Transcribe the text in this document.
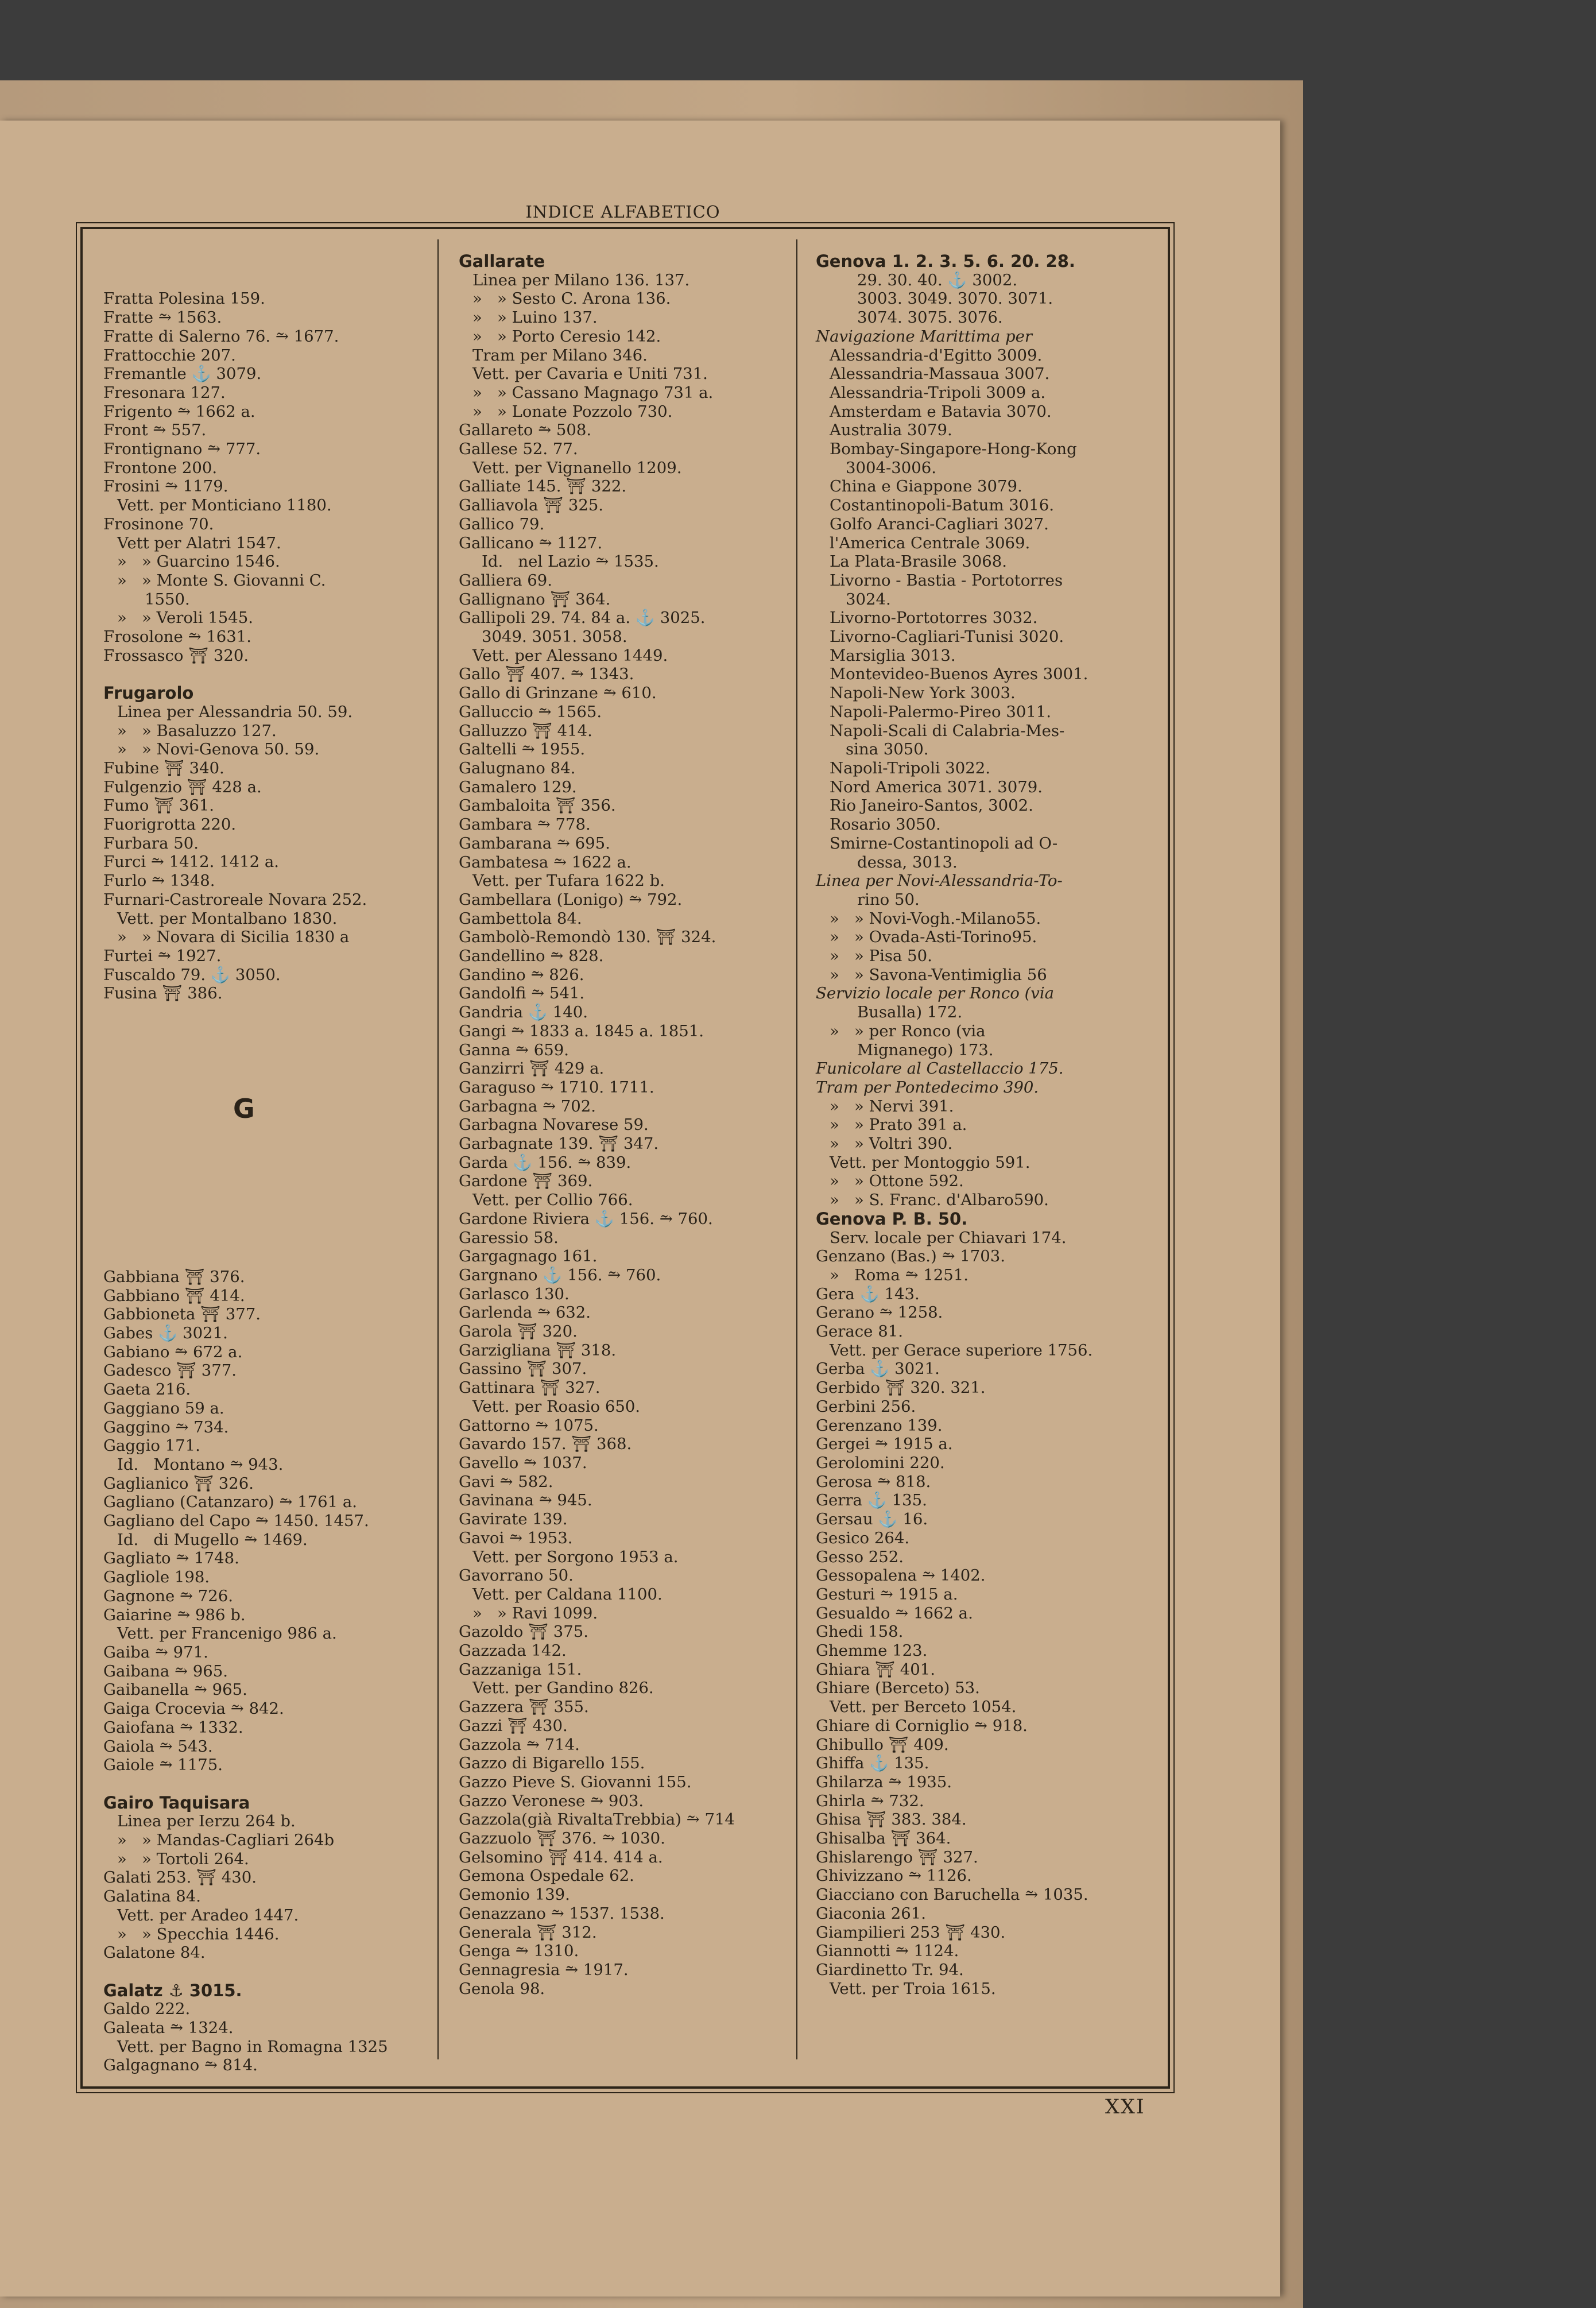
INDICE ALFABETICO

Fratta Polesina 159.
Fratte ⥲ 1563.
Fratte di Salerno 76. ⥲ 1677.
Frattocchie 207.
Fremantle ⚓ 3079.
Fresonara 127.
Frigento ⥲ 1662 a.
Front ⥲ 557.
Frontignano ⥲ 777.
Frontone 200.
Frosini ⥲ 1179.
Vett. per Monticiano 1180.
Frosinone 70.
Vett per Alatri 1547.
»   » Guarcino 1546.
»   » Monte S. Giovanni C.
1550.
»   » Veroli 1545.
Frosolone ⥲ 1631.
Frossasco ⛩ 320.
Frugarolo
Linea per Alessandria 50. 59.
»   » Basaluzzo 127.
»   » Novi-Genova 50. 59.
Fubine ⛩ 340.
Fulgenzio ⛩ 428 a.
Fumo ⛩ 361.
Fuorigrotta 220.
Furbara 50.
Furci ⥲ 1412. 1412 a.
Furlo ⥲ 1348.
Furnari-Castroreale Novara 252.
Vett. per Montalbano 1830.
»   » Novara di Sicilia 1830 a
Furtei ⥲ 1927.
Fuscaldo 79. ⚓ 3050.
Fusina ⛩ 386.

G

Gabbiana ⛩ 376.
Gabbiano ⛩ 414.
Gabbioneta ⛩ 377.
Gabes ⚓ 3021.
Gabiano ⥲ 672 a.
Gadesco ⛩ 377.
Gaeta 216.
Gaggiano 59 a.
Gaggino ⥲ 734.
Gaggio 171.
Id.   Montano ⥲ 943.
Gaglianico ⛩ 326.
Gagliano (Catanzaro) ⥲ 1761 a.
Gagliano del Capo ⥲ 1450. 1457.
Id.   di Mugello ⥲ 1469.
Gagliato ⥲ 1748.
Gagliole 198.
Gagnone ⥲ 726.
Gaiarine ⥲ 986 b.
Vett. per Francenigo 986 a.
Gaiba ⥲ 971.
Gaibana ⥲ 965.
Gaibanella ⥲ 965.
Gaiga Crocevia ⥲ 842.
Gaiofana ⥲ 1332.
Gaiola ⥲ 543.
Gaiole ⥲ 1175.
Gairo Taquisara
Linea per Ierzu 264 b.
»   » Mandas-Cagliari 264b
»   » Tortoli 264.
Galati 253. ⛩ 430.
Galatina 84.
Vett. per Aradeo 1447.
»   » Specchia 1446.
Galatone 84.
Galatz ⚓ 3015.
Galdo 222.
Galeata ⥲ 1324.
Vett. per Bagno in Romagna 1325
Galgagnano ⥲ 814.

Gallarate
Linea per Milano 136. 137.
»   » Sesto C. Arona 136.
»   » Luino 137.
»   » Porto Ceresio 142.
Tram per Milano 346.
Vett. per Cavaria e Uniti 731.
»   » Cassano Magnago 731 a.
»   » Lonate Pozzolo 730.
Gallareto ⥲ 508.
Gallese 52. 77.
Vett. per Vignanello 1209.
Galliate 145. ⛩ 322.
Galliavola ⛩ 325.
Gallico 79.
Gallicano ⥲ 1127.
Id.   nel Lazio ⥲ 1535.
Galliera 69.
Gallignano ⛩ 364.
Gallipoli 29. 74. 84 a. ⚓ 3025.
3049. 3051. 3058.
Vett. per Alessano 1449.
Gallo ⛩ 407. ⥲ 1343.
Gallo di Grinzane ⥲ 610.
Galluccio ⥲ 1565.
Galluzzo ⛩ 414.
Galtelli ⥲ 1955.
Galugnano 84.
Gamalero 129.
Gambaloita ⛩ 356.
Gambara ⥲ 778.
Gambarana ⥲ 695.
Gambatesa ⥲ 1622 a.
Vett. per Tufara 1622 b.
Gambellara (Lonigo) ⥲ 792.
Gambettola 84.
Gambolò-Remondò 130. ⛩ 324.
Gandellino ⥲ 828.
Gandino ⥲ 826.
Gandolfi ⥲ 541.
Gandria ⚓ 140.
Gangi ⥲ 1833 a. 1845 a. 1851.
Ganna ⥲ 659.
Ganzirri ⛩ 429 a.
Garaguso ⥲ 1710. 1711.
Garbagna ⥲ 702.
Garbagna Novarese 59.
Garbagnate 139. ⛩ 347.
Garda ⚓ 156. ⥲ 839.
Gardone ⛩ 369.
Vett. per Collio 766.
Gardone Riviera ⚓ 156. ⥲ 760.
Garessio 58.
Gargagnago 161.
Gargnano ⚓ 156. ⥲ 760.
Garlasco 130.
Garlenda ⥲ 632.
Garola ⛩ 320.
Garzigliana ⛩ 318.
Gassino ⛩ 307.
Gattinara ⛩ 327.
Vett. per Roasio 650.
Gattorno ⥲ 1075.
Gavardo 157. ⛩ 368.
Gavello ⥲ 1037.
Gavi ⥲ 582.
Gavinana ⥲ 945.
Gavirate 139.
Gavoi ⥲ 1953.
Vett. per Sorgono 1953 a.
Gavorrano 50.
Vett. per Caldana 1100.
»   » Ravi 1099.
Gazoldo ⛩ 375.
Gazzada 142.
Gazzaniga 151.
Vett. per Gandino 826.
Gazzera ⛩ 355.
Gazzi ⛩ 430.
Gazzola ⥲ 714.
Gazzo di Bigarello 155.
Gazzo Pieve S. Giovanni 155.
Gazzo Veronese ⥲ 903.
Gazzola(già RivaltaTrebbia) ⥲ 714
Gazzuolo ⛩ 376. ⥲ 1030.
Gelsomino ⛩ 414. 414 a.
Gemona Ospedale 62.
Gemonio 139.
Genazzano ⥲ 1537. 1538.
Generala ⛩ 312.
Genga ⥲ 1310.
Gennagresia ⥲ 1917.
Genola 98.
Genova 1. 2. 3. 5. 6. 20. 28.
29. 30. 40. ⚓ 3002.
3003. 3049. 3070. 3071.
3074. 3075. 3076.
Navigazione Marittima per
Alessandria-d'Egitto 3009.
Alessandria-Massaua 3007.
Alessandria-Tripoli 3009 a.
Amsterdam e Batavia 3070.
Australia 3079.
Bombay-Singapore-Hong-Kong
3004-3006.
China e Giappone 3079.
Costantinopoli-Batum 3016.
Golfo Aranci-Cagliari 3027.
l'America Centrale 3069.
La Plata-Brasile 3068.
Livorno - Bastia - Portotorres
3024.
Livorno-Portotorres 3032.
Livorno-Cagliari-Tunisi 3020.
Marsiglia 3013.
Montevideo-Buenos Ayres 3001.
Napoli-New York 3003.
Napoli-Palermo-Pireo 3011.
Napoli-Scali di Calabria-Mes-
sina 3050.
Napoli-Tripoli 3022.
Nord America 3071. 3079.
Rio Janeiro-Santos, 3002.
Rosario 3050.
Smirne-Costantinopoli ad O-
dessa, 3013.
Linea per Novi-Alessandria-To-
rino 50.
»   » Novi-Vogh.-Milano55.
»   » Ovada-Asti-Torino95.
»   » Pisa 50.
»   » Savona-Ventimiglia 56
Servizio locale per Ronco (via
Busalla) 172.
»   » per Ronco (via
Mignanego) 173.
Funicolare al Castellaccio 175.
Tram per Pontedecimo 390.
»   » Nervi 391.
»   » Prato 391 a.
»   » Voltri 390.
Vett. per Montoggio 591.
»   » Ottone 592.
»   » S. Franc. d'Albaro590.
Genova P. B. 50.
Serv. locale per Chiavari 174.
Genzano (Bas.) ⥲ 1703.
»   Roma ⥲ 1251.
Gera ⚓ 143.
Gerano ⥲ 1258.
Gerace 81.
Vett. per Gerace superiore 1756.
Gerba ⚓ 3021.
Gerbido ⛩ 320. 321.
Gerbini 256.
Gerenzano 139.
Gergei ⥲ 1915 a.
Gerolomini 220.
Gerosa ⥲ 818.
Gerra ⚓ 135.
Gersau ⚓ 16.
Gesico 264.
Gesso 252.
Gessopalena ⥲ 1402.
Gesturi ⥲ 1915 a.
Gesualdo ⥲ 1662 a.
Ghedi 158.
Ghemme 123.
Ghiara ⛩ 401.
Ghiare (Berceto) 53.
Vett. per Berceto 1054.
Ghiare di Corniglio ⥲ 918.
Ghibullo ⛩ 409.
Ghiffa ⚓ 135.
Ghilarza ⥲ 1935.
Ghirla ⥲ 732.
Ghisa ⛩ 383. 384.
Ghisalba ⛩ 364.
Ghislarengo ⛩ 327.
Ghivizzano ⥲ 1126.
Giacciano con Baruchella ⥲ 1035.
Giaconia 261.
Giampilieri 253 ⛩ 430.
Giannotti ⥲ 1124.
Giardinetto Tr. 94.
Vett. per Troia 1615.
XXI
